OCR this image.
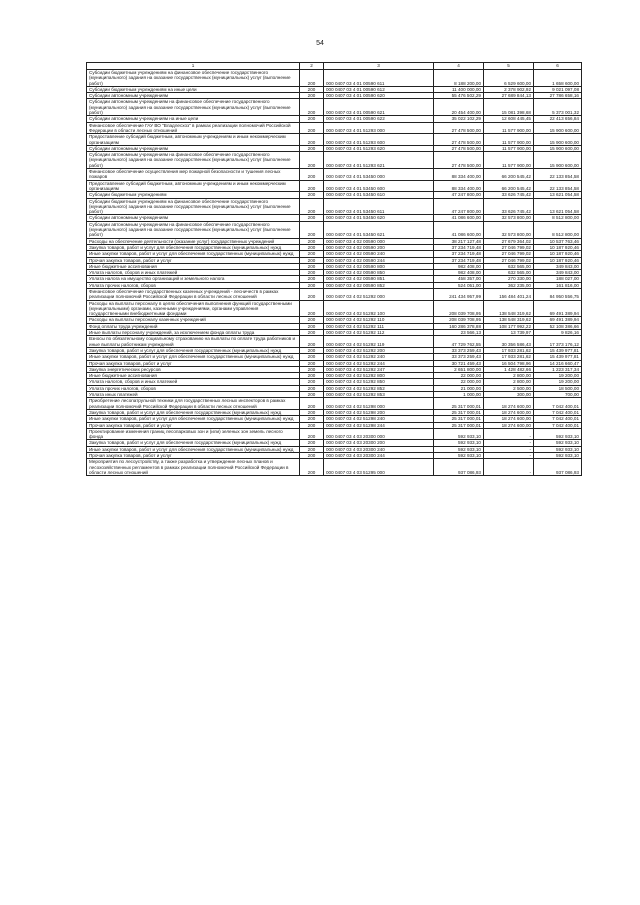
54
1	2	3	4	5	6
Субсидии бюджетным учреждениям на финансовое обеспечение государственного (муниципального) задания на оказание государственных (муниципальных) услуг (выполнение работ)	200	000 0407 03 4 01 00590 611	8 188 200,00	6 529 600,00	1 658 600,00
Субсидии бюджетным учреждениям на иные цели	200	000 0407 03 4 01 00590 612	11 400 000,00	2 378 902,92	9 021 097,08
Субсидии автономным учреждениям	200	000 0407 03 4 01 00590 620	55 476 502,29	27 689 844,13	27 786 658,16
Субсидии автономным учреждениям на финансовое обеспечение государственного (муниципального) задания на оказание государственных (муниципальных) услуг (выполнение работ)	200	000 0407 03 4 01 00590 621	20 454 400,00	15 081 398,68	5 373 001,32
Субсидии автономным учреждениям на иные цели	200	000 0407 03 4 01 00590 622	35 022 102,29	12 608 445,45	22 413 656,84
Финансовое обеспечение ГАУ ВО "Владлесхоз" в рамках реализации полномочий Российской Федерации в области лесных отношений	200	000 0407 03 4 01 51293 000	27 478 500,00	11 577 900,00	15 900 600,00
Предоставление субсидий бюджетным, автономным учреждениям и иным некоммерческим организациям	200	000 0407 03 4 01 51293 600	27 478 500,00	11 577 900,00	15 900 600,00
Субсидии автономным учреждениям	200	000 0407 03 4 01 51293 620	27 478 500,00	11 577 900,00	15 900 600,00
Субсидии автономным учреждениям на финансовое обеспечение государственного (муниципального) задания на оказание государственных (муниципальных) услуг (выполнение работ)	200	000 0407 03 4 01 51293 621	27 478 500,00	11 577 900,00	15 900 600,00
Финансовое обеспечение осуществления мер пожарной безопасности и тушения лесных пожаров	200	000 0407 03 4 01 53450 000	88 334 400,00	66 200 545,42	22 133 854,58
Предоставление субсидий бюджетным, автономным учреждениям и иным некоммерческим организациям	200	000 0407 03 4 01 53450 600	88 334 400,00	66 200 545,42	22 133 854,58
Субсидии бюджетным учреждениям	200	000 0407 03 4 01 53450 610	47 247 800,00	33 626 745,42	13 621 054,58
Субсидии бюджетным учреждениям на финансовое обеспечение государственного (муниципального) задания на оказание государственных (муниципальных) услуг (выполнение работ)	200	000 0407 03 4 01 53450 611	47 247 800,00	33 626 745,42	13 621 054,58
Субсидии автономным учреждениям	200	000 0407 03 4 01 53450 620	41 086 600,00	32 573 800,00	8 512 800,00
Субсидии автономным учреждениям на финансовое обеспечение государственного (муниципального) задания на оказание государственных (муниципальных) услуг (выполнение работ)	200	000 0407 03 4 01 53450 621	41 086 600,00	32 573 800,00	8 512 800,00
Расходы на обеспечение деятельности (оказание услуг) государственных учреждений	200	000 0407 03 4 02 00590 000	38 217 127,48	27 679 364,02	10 537 763,46
Закупка товаров, работ и услуг для обеспечения государственных (муниципальных) нужд	200	000 0407 03 4 02 00590 200	37 234 719,48	27 046 799,02	10 187 920,46
Иные закупки товаров, работ и услуг для обеспечения государственных (муниципальных) нужд	200	000 0407 03 4 02 00590 240	37 234 719,48	27 046 799,02	10 187 920,46
Прочая закупка товаров, работ и услуг	200	000 0407 03 4 02 00590 244	37 234 719,48	27 046 799,02	10 187 920,46
Иные бюджетные ассигнования	200	000 0407 03 4 02 00590 800	982 408,00	632 565,00	349 843,00
Уплата налогов, сборов и иных платежей	200	000 0407 03 4 02 00590 850	982 408,00	632 565,00	349 843,00
Уплата налога на имущество организаций и земельного налога	200	000 0407 03 4 02 00590 851	458 357,00	270 330,00	188 027,00
Уплата прочих налогов, сборов	200	000 0407 03 4 02 00590 852	524 051,00	362 235,00	161 816,00
Финансовое обеспечение государственных казенных учреждений - лесничеств в рамках реализации полномочий Российской Федерации в области лесных отношений	200	000 0407 03 4 02 51292 000	241 434 957,99	156 484 401,24	84 950 556,75
Расходы на выплаты персоналу в целях обеспечения выполнения функций государственными (муниципальными) органами, казенными учреждениями, органами управления государственными внебюджетными фондами	200	000 0407 03 4 02 51292 100	208 039 708,95	138 548 319,62	69 491 389,94
Расходы на выплаты персоналу казенных учреждений	200	000 0407 03 4 02 51292 110	208 039 708,95	138 548 319,62	69 491 389,94
Фонд оплаты труда учреждений	200	000 0407 03 4 02 51292 111	160 286 378,88	108 177 992,22	52 108 386,66
Иные выплаты персоналу учреждений, за исключением фонда оплаты труда	200	000 0407 03 4 02 51292 112	23 566,13	13 739,97	9 826,16
Взносы по обязательному социальному страхованию на выплаты по оплате труда работников и иные выплаты работникам учреждений	200	000 0407 03 4 02 51292 119	47 729 762,55	30 356 586,43	17 373 176,12
Закупка товаров, работ и услуг для обеспечения государственных (муниципальных) нужд	200	000 0407 03 4 02 51292 200	33 373 259,43	17 933 281,62	15 439 977,81
Иные закупки товаров, работ и услуг для обеспечения государственных (муниципальных) нужд	200	000 0407 03 4 02 51292 240	33 373 259,43	17 933 281,62	15 439 977,81
Прочая закупка товаров, работ и услуг	200	000 0407 03 4 02 51292 244	30 721 459,43	16 504 798,96	14 216 660,47
Закупка энергетических ресурсов	200	000 0407 03 4 02 51292 247	2 651 800,00	1 428 482,66	1 223 317,34
Иные бюджетные ассигнования	200	000 0407 03 4 02 51292 800	22 000,00	2 800,00	19 200,00
Уплата налогов, сборов и иных платежей	200	000 0407 03 4 02 51292 850	22 000,00	2 800,00	19 200,00
Уплата прочих налогов, сборов	200	000 0407 03 4 02 51292 852	21 000,00	2 500,00	18 500,00
Уплата иных платежей	200	000 0407 03 4 02 51292 853	1 000,00	300,00	700,00
Приобретение лесопатрульной техники для государственных лесных инспекторов в рамках реализации полномочий Российской Федерации в области лесных отношений	200	000 0407 03 4 02 51298 000	25 317 000,01	18 274 600,00	7 042 400,01
Закупка товаров, работ и услуг для обеспечения государственных (муниципальных) нужд	200	000 0407 03 4 02 51298 200	25 317 000,01	18 274 600,00	7 042 400,01
Иные закупки товаров, работ и услуг для обеспечения государственных (муниципальных) нужд	200	000 0407 03 4 02 51298 240	25 317 000,01	18 274 600,00	7 042 400,01
Прочая закупка товаров, работ и услуг	200	000 0407 03 4 02 51298 244	25 317 000,01	18 274 600,00	7 042 400,01
Проектирование изменения границ лесопарковых зон и (или) зеленых зон земель лесного фонда	200	000 0407 03 4 03 20300 000	592 933,10	-	592 933,10
Закупка товаров, работ и услуг для обеспечения государственных (муниципальных) нужд	200	000 0407 03 4 03 20300 200	592 933,10	-	592 933,10
Иные закупки товаров, работ и услуг для обеспечения государственных (муниципальных) нужд	200	000 0407 03 4 03 20300 240	592 933,10	-	592 933,10
Прочая закупка товаров, работ и услуг	200	000 0407 03 4 03 20300 244	592 933,10	-	592 933,10
Мероприятия по лесоустройству, а также разработка и утверждение лесных планов и лесохозяйственных регламентов в рамках реализации полномочий Российской Федерации в области лесных отношений	200	000 0407 03 4 03 51295 000	937 086,93	-	937 086,93
